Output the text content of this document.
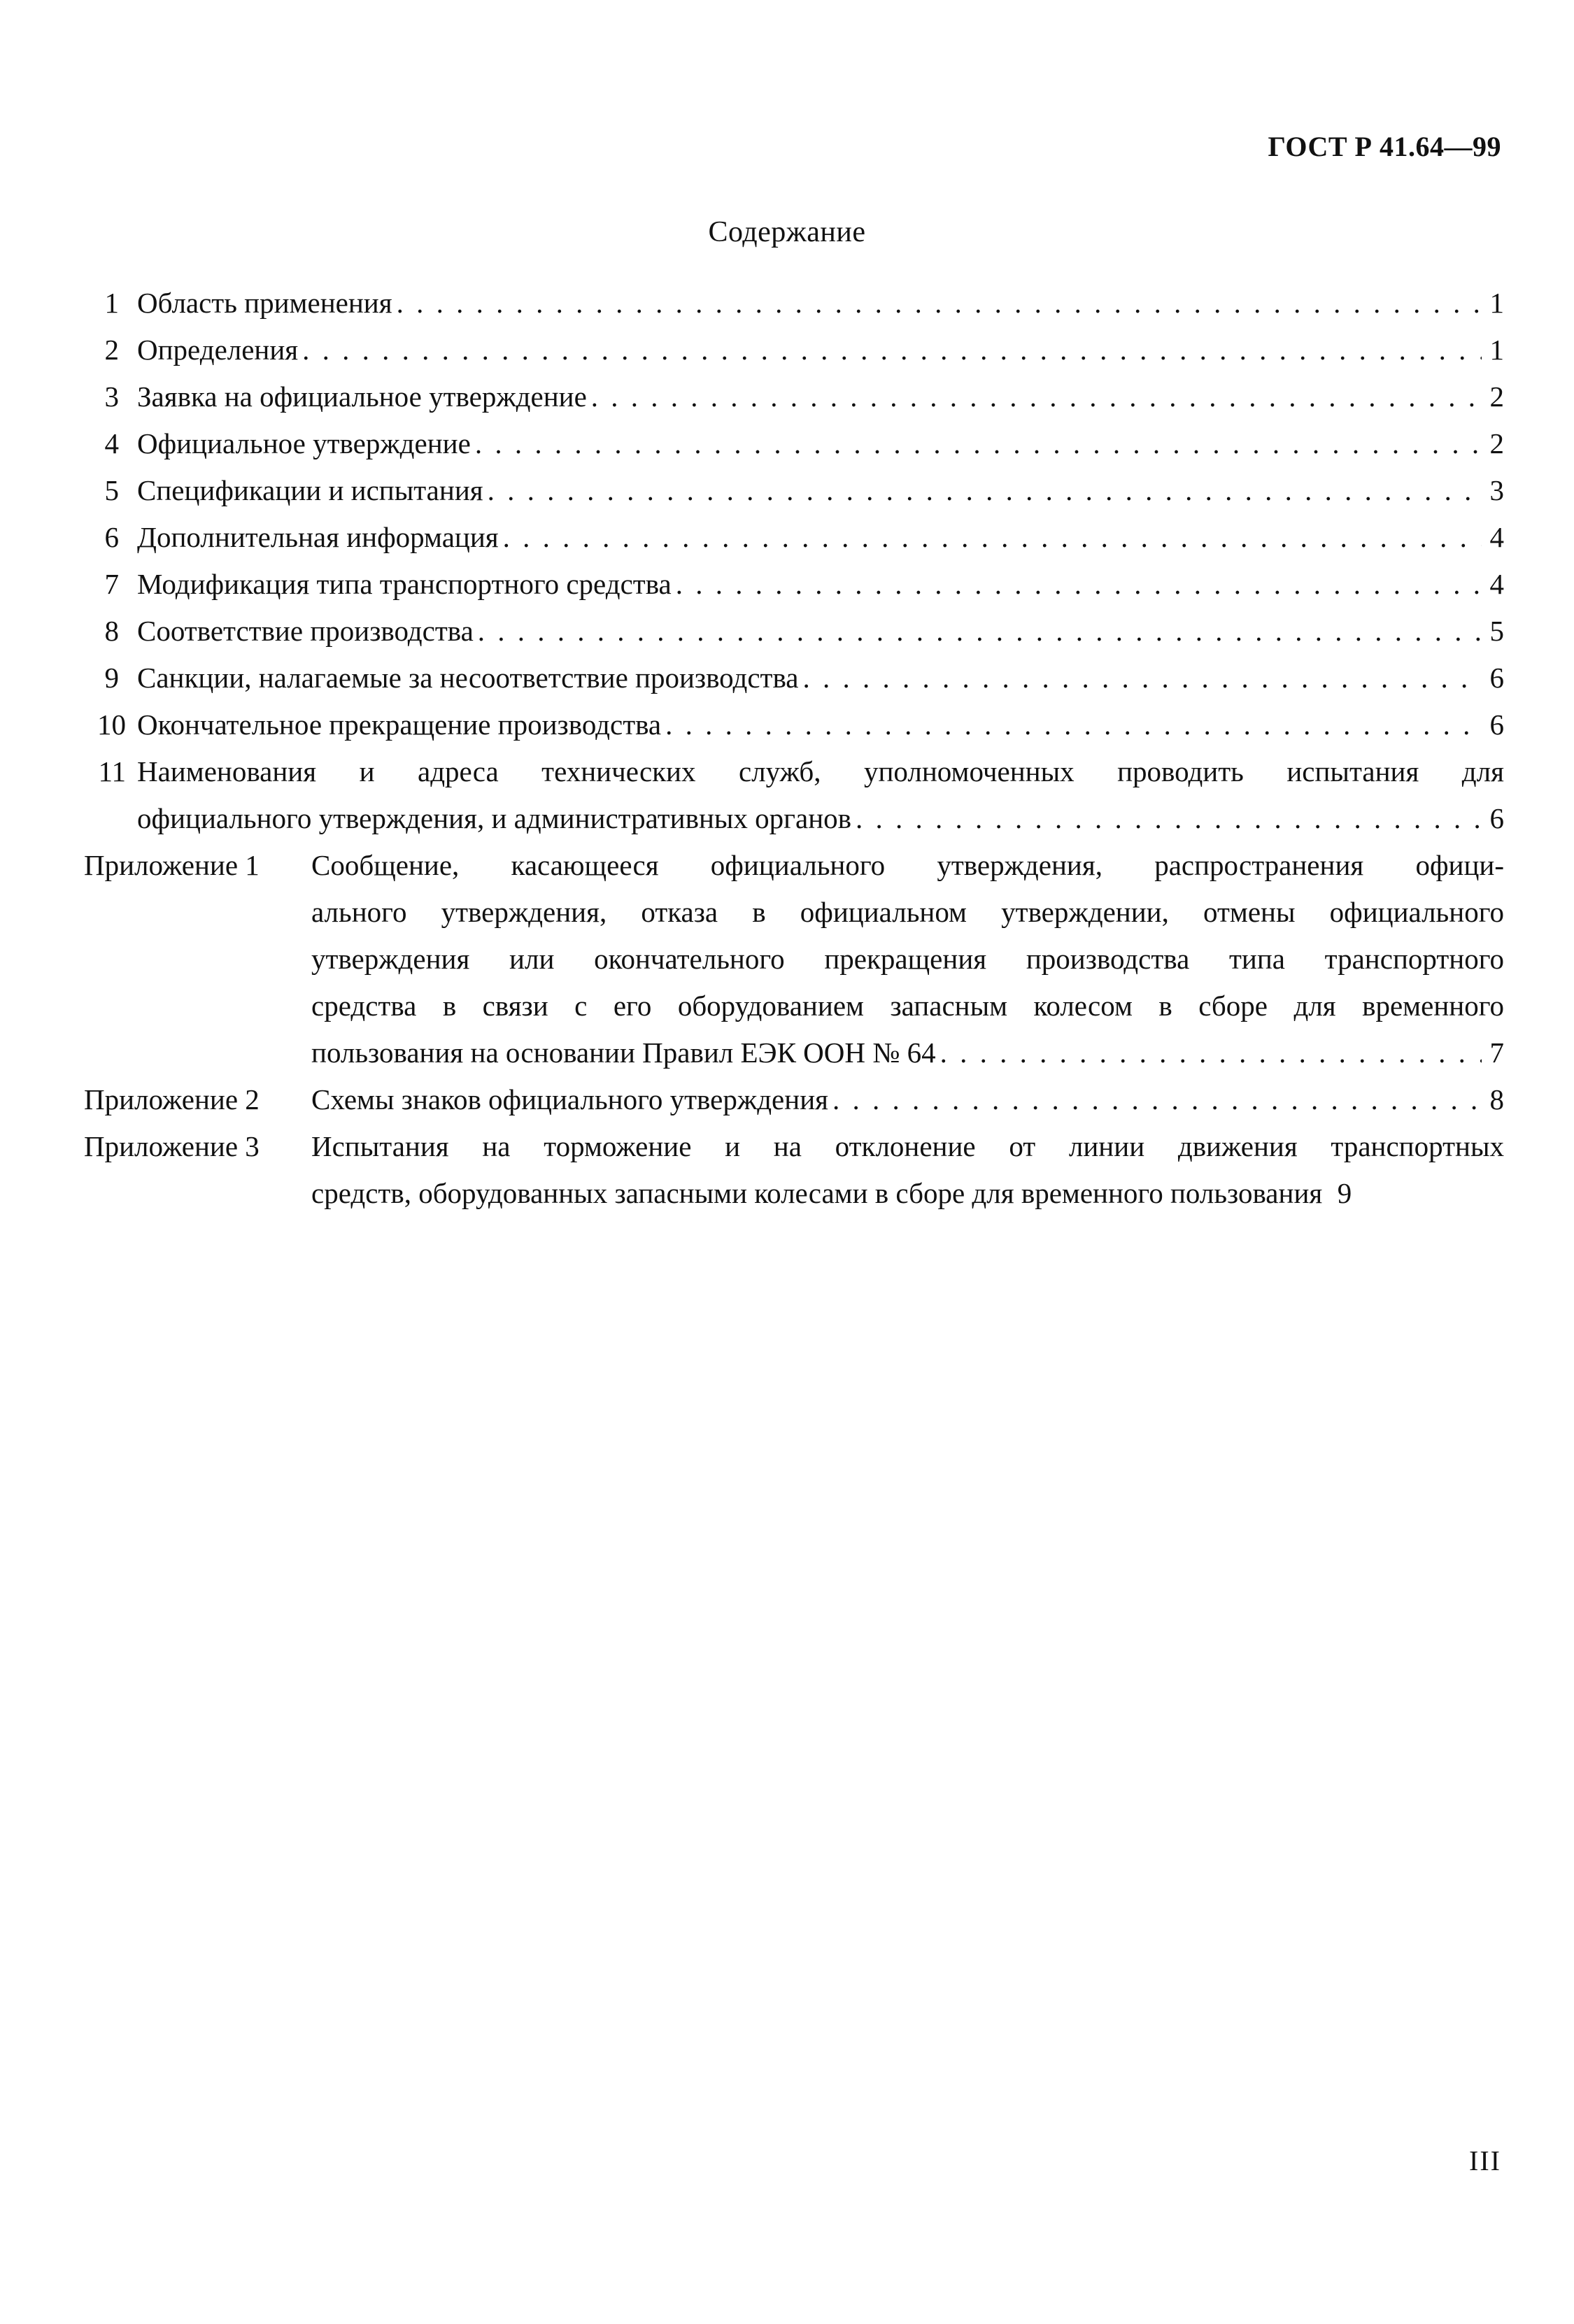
ГОСТ Р 41.64—99
Содержание
1 Область применения . . .	1
2 Определения . . .	1
3 Заявка на официальное утверждение . . .	2
4 Официальное утверждение . . .	2
5 Спецификации и испытания . . .	3
6 Дополнительная информация . . .	4
7 Модификация типа транспортного средства . . .	4
8 Соответствие производства . . .	5
9 Санкции, налагаемые за несоответствие производства . . .	6
10 Окончательное прекращение производства . . .	6
11 Наименования и адреса технических служб, уполномоченных проводить испытания для
официального утверждения, и административных органов . . .	6
Приложение 1 Сообщение, касающееся официального утверждения, распространения офици-
ального утверждения, отказа в официальном утверждении, отмены официального
утверждения или окончательного прекращения производства типа транспортного
средства в связи с его оборудованием запасным колесом в сборе для временного
пользования на основании Правил ЕЭК ООН № 64 . . .	7
Приложение 2 Схемы знаков официального утверждения . . .	8
Приложение 3 Испытания на торможение и на отклонение от линии движения транспортных
средств, оборудованных запасными колесами в сборе для временного пользования 9
III
